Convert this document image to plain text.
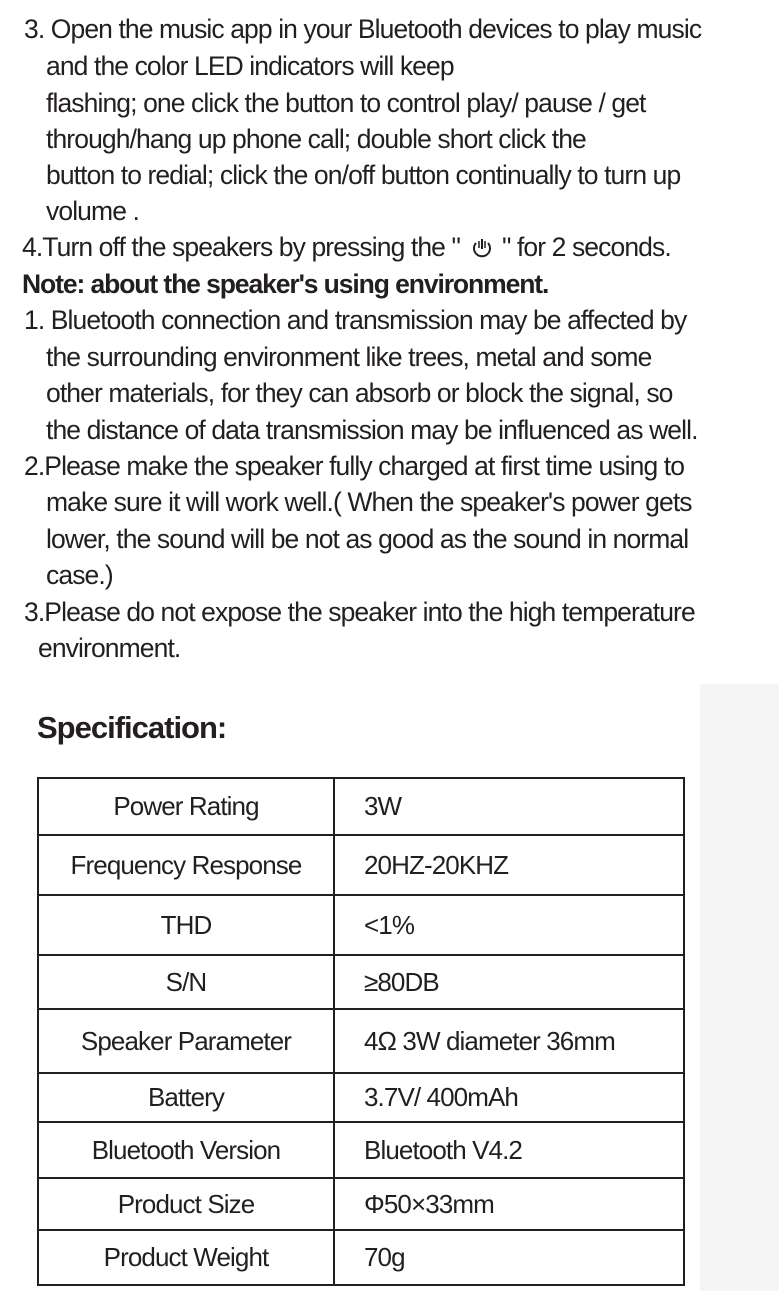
3. Open the music app in your Bluetooth devices to play music
and the color LED indicators will keep
flashing; one click the button to control play/ pause / get
through/hang up phone call; double short click the
button to redial; click the on/off button continually to turn up
volume .
4.Turn off the speakers by pressing the " " for 2 seconds.
Note: about the speaker's using environment.
1. Bluetooth connection and transmission may be affected by
the surrounding environment like trees, metal and some
other materials, for they can absorb or block the signal, so
the distance of data transmission may be influenced as well.
2.Please make the speaker fully charged at first time using to
make sure it will work well.( When the speaker's power gets
lower, the sound will be not as good as the sound in normal
case.)
3.Please do not expose the speaker into the high temperature
environment.
Specification:
Power Rating	3W
Frequency Response	20HZ-20KHZ
THD	<1%
S/N	≥80DB
Speaker Parameter	4Ω 3W diameter 36mm
Battery	3.7V/ 400mAh
Bluetooth Version	Bluetooth V4.2
Product Size	Φ50×33mm
Product Weight	70g
